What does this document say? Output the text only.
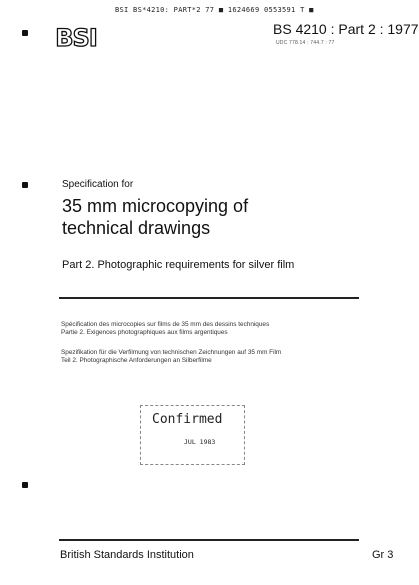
BSI BS*4210: PART*2 77 ■ 1624669 0553591 T ■
BSI	BS 4210 : Part 2 : 1977
UDC 778.14 : 744.7 : 77
Specification for
35 mm microcopying of
technical drawings
Part 2. Photographic requirements for silver film
Spécification des microcopies sur films de 35 mm des dessins techniques
Partie 2. Exigences photographiques aux films argentiques
Spezifikation für die Verfilmung von technischen Zeichnungen auf 35 mm Film
Teil 2. Photographische Anforderungen an Silberfilme
Confirmed
JUL 1983
British Standards Institution	Gr 3
